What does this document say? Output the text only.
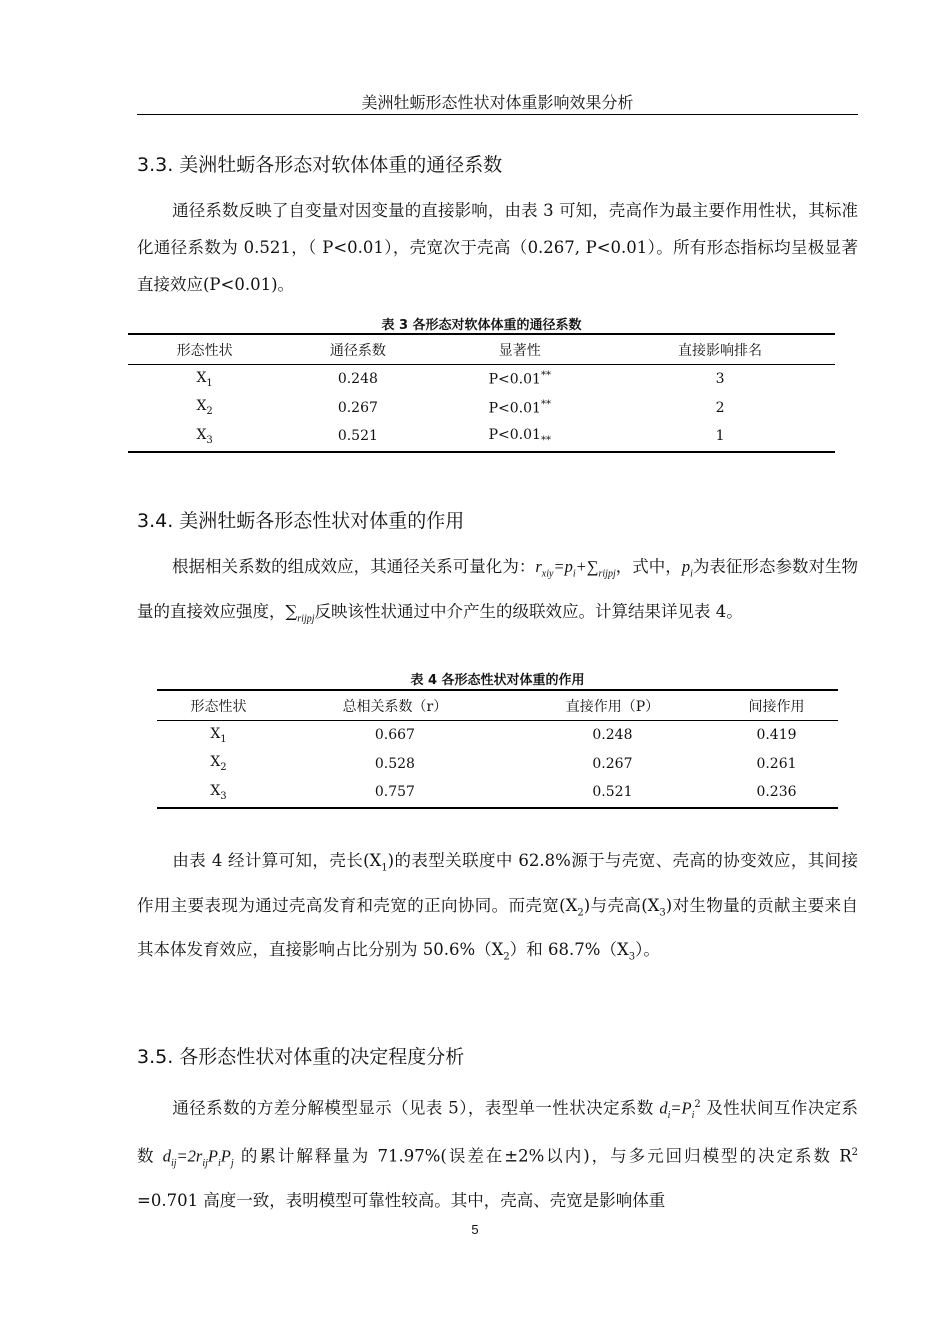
美洲牡蛎形态性状对体重影响效果分析
3.3. 美洲牡蛎各形态对软体体重的通径系数
通径系数反映了自变量对因变量的直接影响，由表 3 可知，壳高作为最主要作用性状，其标准化通径系数为 0.521，（ P<0.01），壳宽次于壳高（0.267, P<0.01）。所有形态指标均呈极显著直接效应(P<0.01)。
表 3 各形态对软体体重的通径系数
形态性状	通径系数	显著性	直接影响排名
$X_1$	0.248	P<0.01**	3
$X_2$	0.267	P<0.01**	2
$X_3$	0.521	$P<0.01_{**}$	1
3.4. 美洲牡蛎各形态性状对体重的作用
根据相关系数的组成效应，其通径关系可量化为：$r_{xiy}=p_i+\sum_{rijpj}$，式中，$p_i$为表征形态参数对生物量的直接效应强度，$\sum_{rijpj}$反映该性状通过中介产生的级联效应。计算结果详见表 4。
表 4 各形态性状对体重的作用
形态性状	总相关系数（r）	直接作用（P）	间接作用
$X_1$	0.667	0.248	0.419
$X_2$	0.528	0.267	0.261
$X_3$	0.757	0.521	0.236
由表 4 经计算可知，壳长$(X_1)$的表型关联度中 62.8%源于与壳宽、壳高的协变效应，其间接作用主要表现为通过壳高发育和壳宽的正向协同。而壳宽$(X_2)$与壳高$(X_3)$对生物量的贡献主要来自其本体发育效应，直接影响占比分别为 $50.6\%(X_2)$和 $68.7\%(X_3)$。
3.5. 各形态性状对体重的决定程度分析
通径系数的方差分解模型显示（见表 5），表型单一性状决定系数 $d_i=P_i^2$ 及性状间互作决定系数 $d_{ij}=2r_{ij}P_iP_j$ 的累计解释量为 71.97%(误差在±2%以内)，与多元回归模型的决定系数 $R^2 =0.701$ 高度一致，表明模型可靠性较高。其中，壳高、壳宽是影响体重
5
